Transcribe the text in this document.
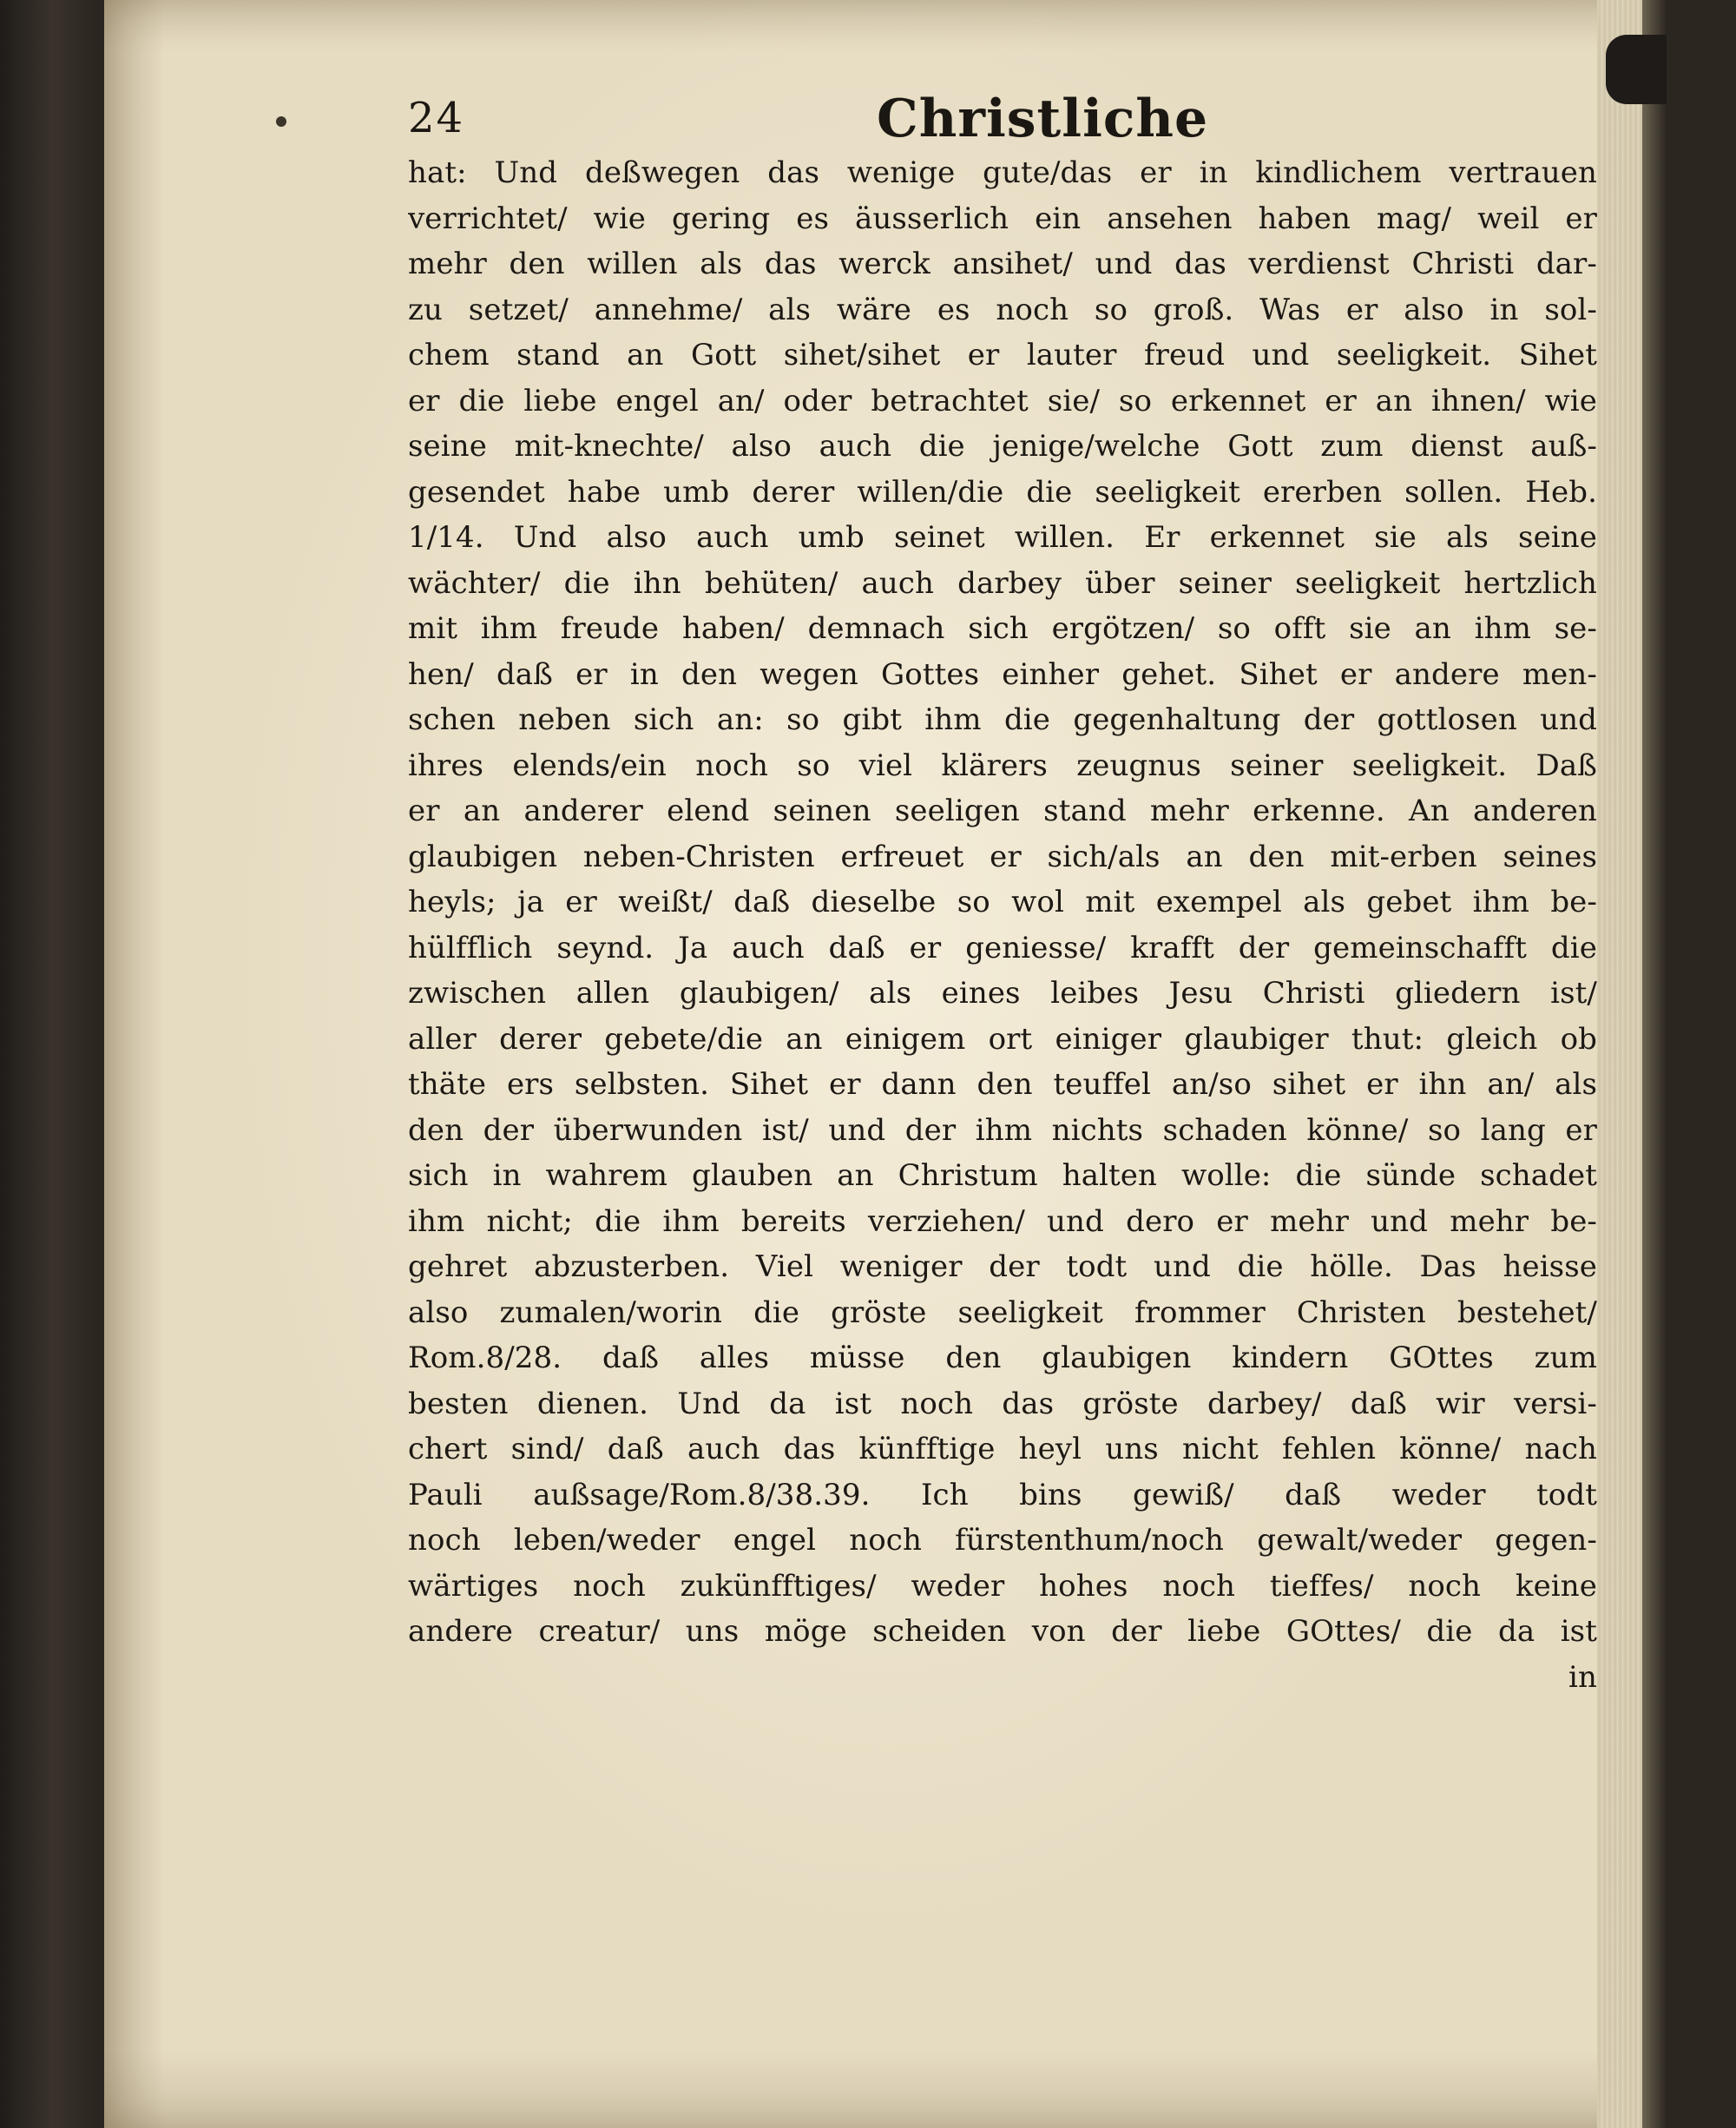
24	Christliche
hat: Und deßwegen das wenige gute/das er in kindlichem vertrauen
verrichtet/ wie gering es äusserlich ein ansehen haben mag/ weil er
mehr den willen als das werck ansihet/ und das verdienst Christi dar-
zu setzet/ annehme/ als wäre es noch so groß. Was er also in sol-
chem stand an Gott sihet/sihet er lauter freud und seeligkeit. Sihet
er die liebe engel an/ oder betrachtet sie/ so erkennet er an ihnen/ wie
seine mit-knechte/ also auch die jenige/welche Gott zum dienst auß-
gesendet habe umb derer willen/die die seeligkeit ererben sollen. Heb.
1/14. Und also auch umb seinet willen. Er erkennet sie als seine
wächter/ die ihn behüten/ auch darbey über seiner seeligkeit hertzlich
mit ihm freude haben/ demnach sich ergötzen/ so offt sie an ihm se-
hen/ daß er in den wegen Gottes einher gehet. Sihet er andere men-
schen neben sich an: so gibt ihm die gegenhaltung der gottlosen und
ihres elends/ein noch so viel klärers zeugnus seiner seeligkeit. Daß
er an anderer elend seinen seeligen stand mehr erkenne. An anderen
glaubigen neben-Christen erfreuet er sich/als an den mit-erben seines
heyls; ja er weißt/ daß dieselbe so wol mit exempel als gebet ihm be-
hülfflich seynd. Ja auch daß er geniesse/ krafft der gemeinschafft die
zwischen allen glaubigen/ als eines leibes Jesu Christi gliedern ist/
aller derer gebete/die an einigem ort einiger glaubiger thut: gleich ob
thäte ers selbsten. Sihet er dann den teuffel an/so sihet er ihn an/ als
den der überwunden ist/ und der ihm nichts schaden könne/ so lang er
sich in wahrem glauben an Christum halten wolle: die sünde schadet
ihm nicht; die ihm bereits verziehen/ und dero er mehr und mehr be-
gehret abzusterben. Viel weniger der todt und die hölle. Das heisse
also zumalen/worin die gröste seeligkeit frommer Christen bestehet/
Rom.8/28. daß alles müsse den glaubigen kindern GOttes zum
besten dienen. Und da ist noch das gröste darbey/ daß wir versi-
chert sind/ daß auch das künfftige heyl uns nicht fehlen könne/ nach
Pauli außsage/Rom.8/38.39. Ich bins gewiß/ daß weder todt
noch leben/weder engel noch fürstenthum/noch gewalt/weder gegen-
wärtiges noch zukünfftiges/ weder hohes noch tieffes/ noch keine
andere creatur/ uns möge scheiden von der liebe GOttes/ die da ist
in
